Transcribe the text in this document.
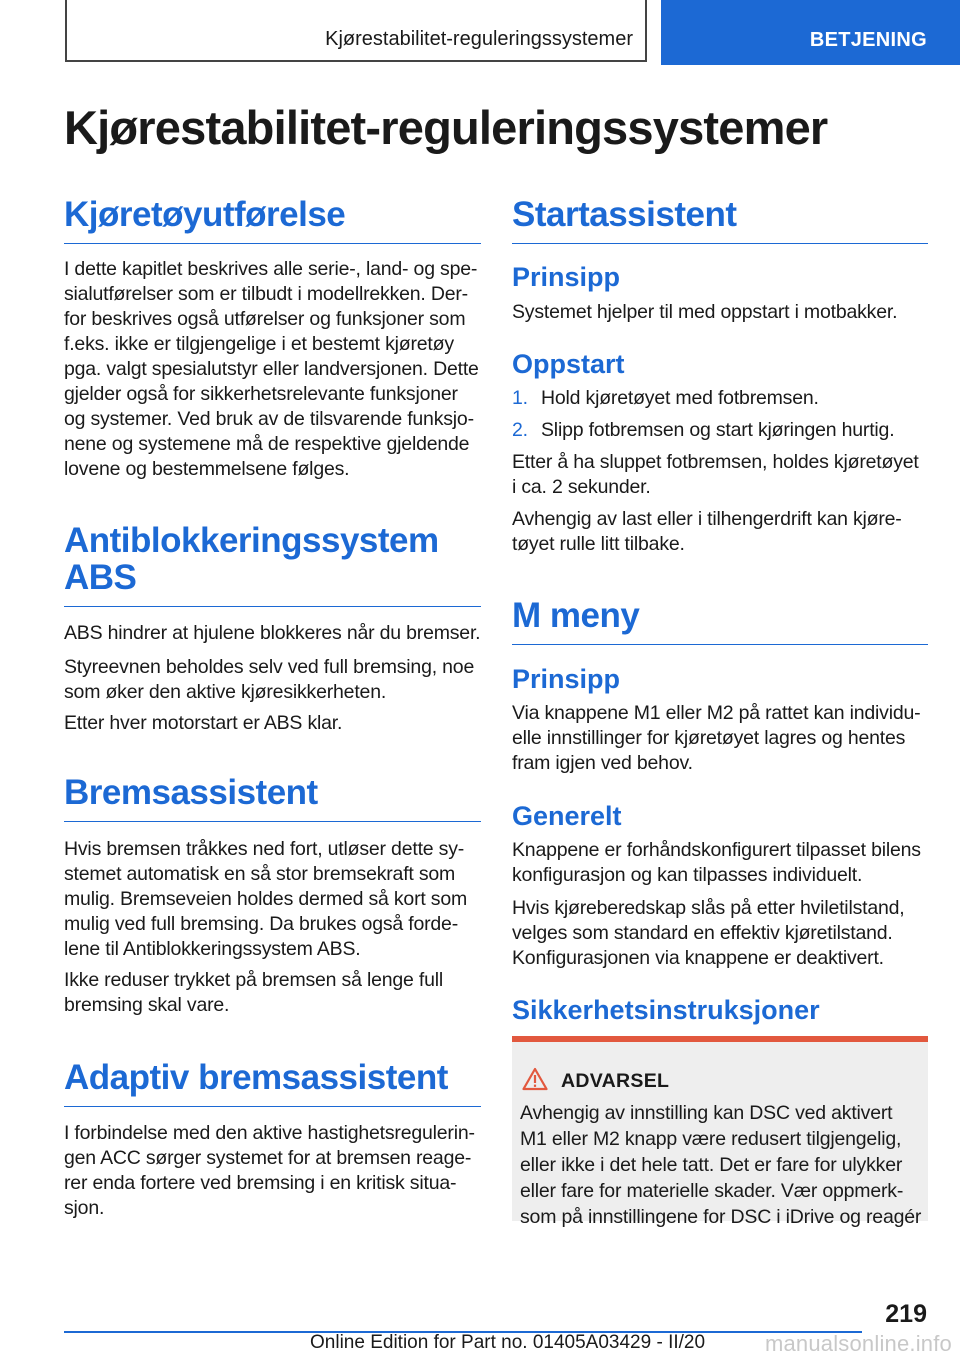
Kjørestabilitet-reguleringssystemer	BETJENING
Kjørestabilitet-reguleringssystemer
Kjøretøyutførelse
I dette kapitlet beskrives alle serie-, land- og spe-
sialutførelser som er tilbudt i modellrekken. Der-
for beskrives også utførelser og funksjoner som
f.eks. ikke er tilgjengelige i et bestemt kjøretøy
pga. valgt spesialutstyr eller landversjonen. Dette
gjelder også for sikkerhetsrelevante funksjoner
og systemer. Ved bruk av de tilsvarende funksjo-
nene og systemene må de respektive gjeldende
lovene og bestemmelsene følges.
Antiblokkeringssystem
ABS
ABS hindrer at hjulene blokkeres når du bremser.
Styreevnen beholdes selv ved full bremsing, noe
som øker den aktive kjøresikkerheten.
Etter hver motorstart er ABS klar.
Bremsassistent
Hvis bremsen tråkkes ned fort, utløser dette sy-
stemet automatisk en så stor bremsekraft som
mulig. Bremseveien holdes dermed så kort som
mulig ved full bremsing. Da brukes også forde-
lene til Antiblokkeringssystem ABS.
Ikke reduser trykket på bremsen så lenge full
bremsing skal vare.
Adaptiv bremsassistent
I forbindelse med den aktive hastighetsregulerin-
gen ACC sørger systemet for at bremsen reage-
rer enda fortere ved bremsing i en kritisk situa-
sjon.
Startassistent
Prinsipp
Systemet hjelper til med oppstart i motbakker.
Oppstart
1. Hold kjøretøyet med fotbremsen.
2. Slipp fotbremsen og start kjøringen hurtig.
Etter å ha sluppet fotbremsen, holdes kjøretøyet
i ca. 2 sekunder.
Avhengig av last eller i tilhengerdrift kan kjøre-
tøyet rulle litt tilbake.
M meny
Prinsipp
Via knappene M1 eller M2 på rattet kan individu-
elle innstillinger for kjøretøyet lagres og hentes
fram igjen ved behov.
Generelt
Knappene er forhåndskonfigurert tilpasset bilens
konfigurasjon og kan tilpasses individuelt.
Hvis kjøreberedskap slås på etter hviletilstand,
velges som standard en effektiv kjøretilstand.
Konfigurasjonen via knappene er deaktivert.
Sikkerhetsinstruksjoner
ADVARSEL
Avhengig av innstilling kan DSC ved aktivert
M1 eller M2 knapp være redusert tilgjengelig,
eller ikke i det hele tatt. Det er fare for ulykker
eller fare for materielle skader. Vær oppmerk-
som på innstillingene for DSC i iDrive og reagér
219
Online Edition for Part no. 01405A03429 - II/20	manualsonline.info
